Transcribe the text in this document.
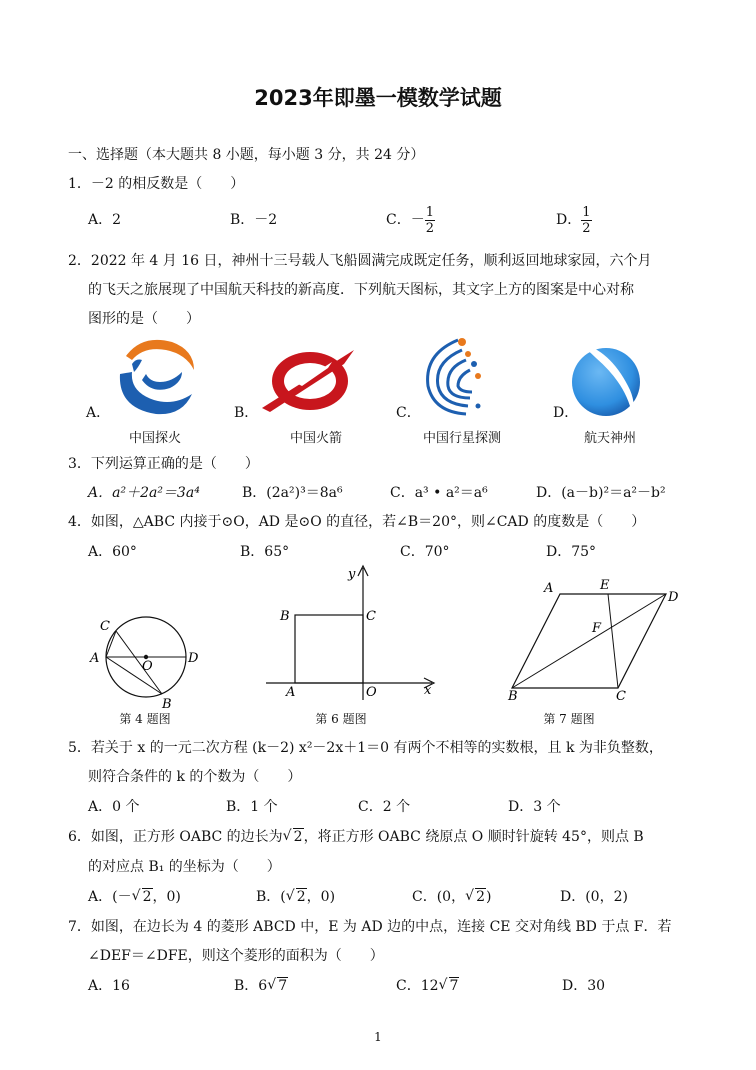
2023年即墨一模数学试题
一、选择题（本大题共 8 小题，每小题 3 分，共 24 分）
1．－2 的相反数是（　　）
A．2	B．－2	C．－ $\frac{1}{2}$	D． $\frac{1}{2}$
2．2022 年 4 月 16 日，神州十三号载人飞船圆满完成既定任务，顺利返回地球家园，六个月
的飞天之旅展现了中国航天科技的新高度．下列航天图标，其文字上方的图案是中心对称
图形的是（　　）
A．	B．	C．	D．
中国探火	中国火箭	中国行星探测	航天神州
3．下列运算正确的是（　　）
A．a²＋2a²＝3a⁴	B．(2a²)³＝8a⁶	C．a³ • a²＝a⁶	D．(a－b)²＝a²－b²
4．如图，△ABC 内接于⊙O，AD 是⊙O 的直径，若∠B＝20°，则∠CAD 的度数是（　　）
A．60°	B．65°	C．70°	D．75°
C
A
O
D
B
第 4 题图
y
x
B	C
A	O
第 6 题图
A	E
D
F
B	C
第 7 题图
5．若关于 x 的一元二次方程 (k－2) x²－2x＋1＝0 有两个不相等的实数根，且 k 为非负整数，
则符合条件的 k 的个数为（　　）
A．0 个	B．1 个	C．2 个	D．3 个
6．如图，正方形 OABC 的边长为 √ 2，将正方形 OABC 绕原点 O 顺时针旋转 45°，则点 B
的对应点 B₁ 的坐标为（　　）
A．(－ √ 2，0)	B．( √ 2，0)	C．(0， √ 2)	D．(0，2)
7．如图，在边长为 4 的菱形 ABCD 中，E 为 AD 边的中点，连接 CE 交对角线 BD 于点 F．若
∠DEF＝∠DFE，则这个菱形的面积为（　　）
A．16	B．6 √ 7	C．12 √ 7	D．30
1
